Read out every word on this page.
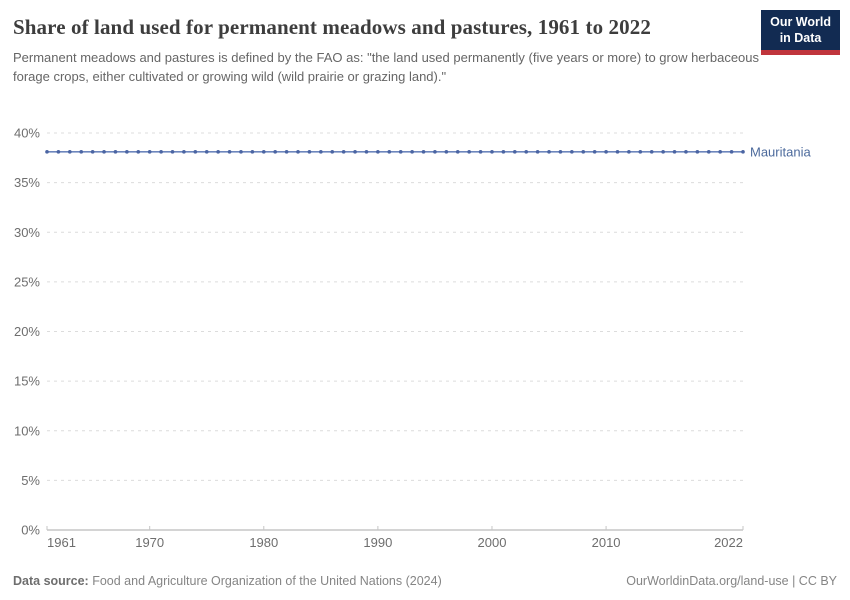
Share of land used for permanent meadows and pastures, 1961 to 2022	Our World
in Data

Permanent meadows and pastures is defined by the FAO as: "the land used permanently (five years or more) to grow herbaceous forage crops, either cultivated or growing wild (wild prairie or grazing land)."

0%
5%
10%
15%
20%
25%
30%
35%
40%
1961	1970	1980	1990	2000	2010	2022
Mauritania
Data source: Food and Agriculture Organization of the United Nations (2024)	OurWorldinData.org/land-use | CC BY
